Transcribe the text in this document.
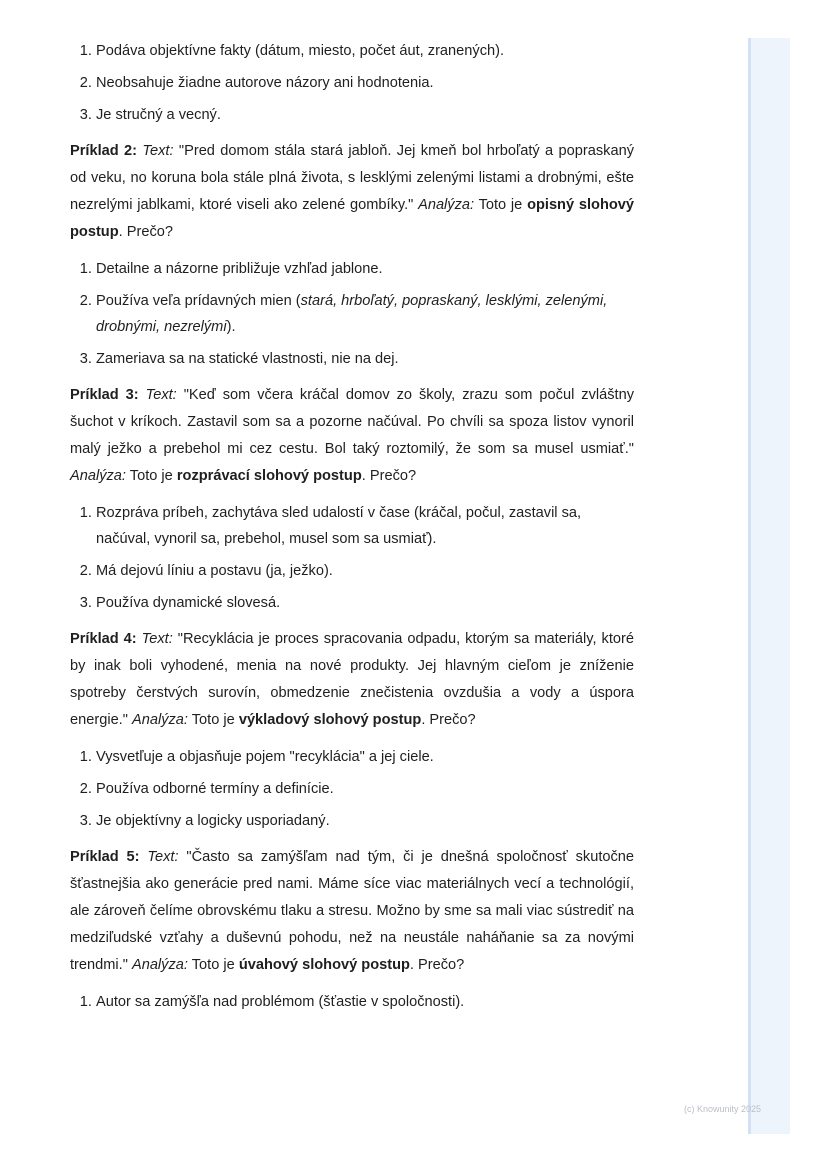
(c) Knowunity 2025
1. Podáva objektívne fakty (dátum, miesto, počet áut, zranených).
2. Neobsahuje žiadne autorove názory ani hodnotenia.
3. Je stručný a vecný.

Príklad 2: Text: "Pred domom stála stará jabloň. Jej kmeň bol hrboľatý a popraskaný od veku, no koruna bola stále plná života, s lesklými zelenými listami a drobnými, ešte nezrelými jablkami, ktoré viseli ako zelené gombíky." Analýza: Toto je opisný slohový postup. Prečo?

1. Detailne a názorne približuje vzhľad jablone.
2. Používa veľa prídavných mien (stará, hrboľatý, popraskaný, lesklými, zelenými, drobnými, nezrelými).
3. Zameriava sa na statické vlastnosti, nie na dej.

Príklad 3: Text: "Keď som včera kráčal domov zo školy, zrazu som počul zvláštny šuchot v kríkoch. Zastavil som sa a pozorne načúval. Po chvíli sa spoza listov vynoril malý ježko a prebehol mi cez cestu. Bol taký roztomilý, že som sa musel usmiať." Analýza: Toto je rozprávací slohový postup. Prečo?

1. Rozpráva príbeh, zachytáva sled udalostí v čase (kráčal, počul, zastavil sa, načúval, vynoril sa, prebehol, musel som sa usmiať).
2. Má dejovú líniu a postavu (ja, ježko).
3. Používa dynamické slovesá.

Príklad 4: Text: "Recyklácia je proces spracovania odpadu, ktorým sa materiály, ktoré by inak boli vyhodené, menia na nové produkty. Jej hlavným cieľom je zníženie spotreby čerstvých surovín, obmedzenie znečistenia ovzdušia a vody a úspora energie." Analýza: Toto je výkladový slohový postup. Prečo?

1. Vysvetľuje a objasňuje pojem "recyklácia" a jej ciele.
2. Používa odborné termíny a definície.
3. Je objektívny a logicky usporiadaný.

Príklad 5: Text: "Často sa zamýšľam nad tým, či je dnešná spoločnosť skutočne šťastnejšia ako generácie pred nami. Máme síce viac materiálnych vecí a technológií, ale zároveň čelíme obrovskému tlaku a stresu. Možno by sme sa mali viac sústrediť na medziľudské vzťahy a duševnú pohodu, než na neustále naháňanie sa za novými trendmi." Analýza: Toto je úvahový slohový postup. Prečo?

1. Autor sa zamýšľa nad problémom (šťastie v spoločnosti).
